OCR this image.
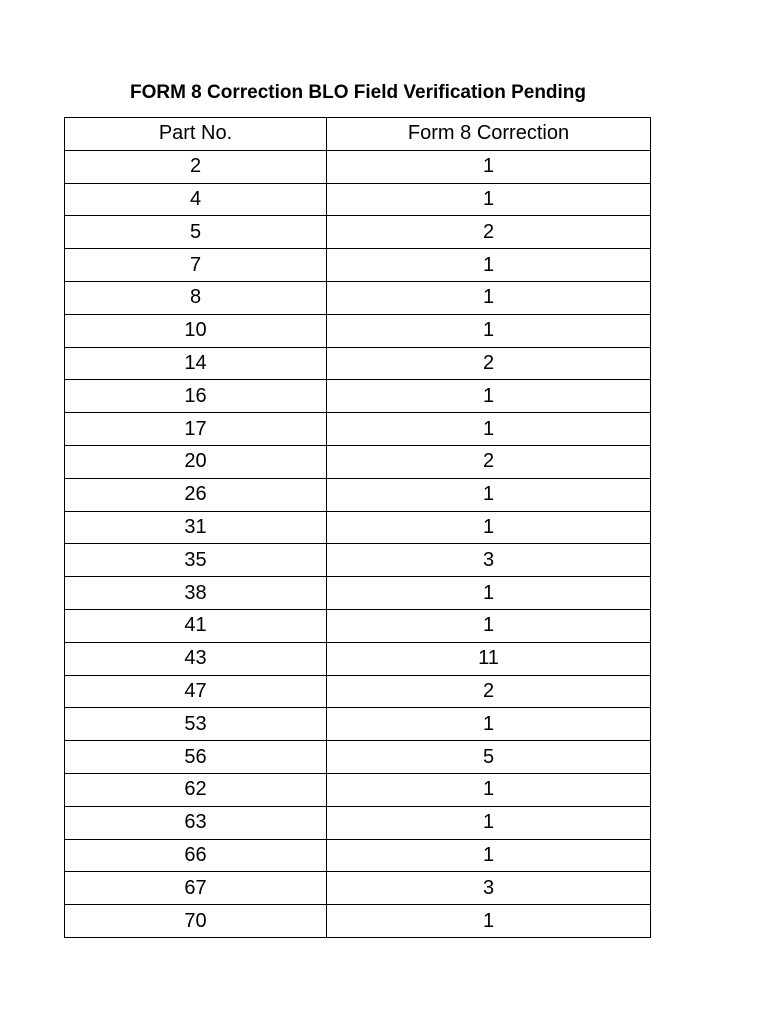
FORM 8 Correction BLO Field Verification Pending
Part No.	Form 8 Correction
2	1
4	1
5	2
7	1
8	1
10	1
14	2
16	1
17	1
20	2
26	1
31	1
35	3
38	1
41	1
43	11
47	2
53	1
56	5
62	1
63	1
66	1
67	3
70	1
